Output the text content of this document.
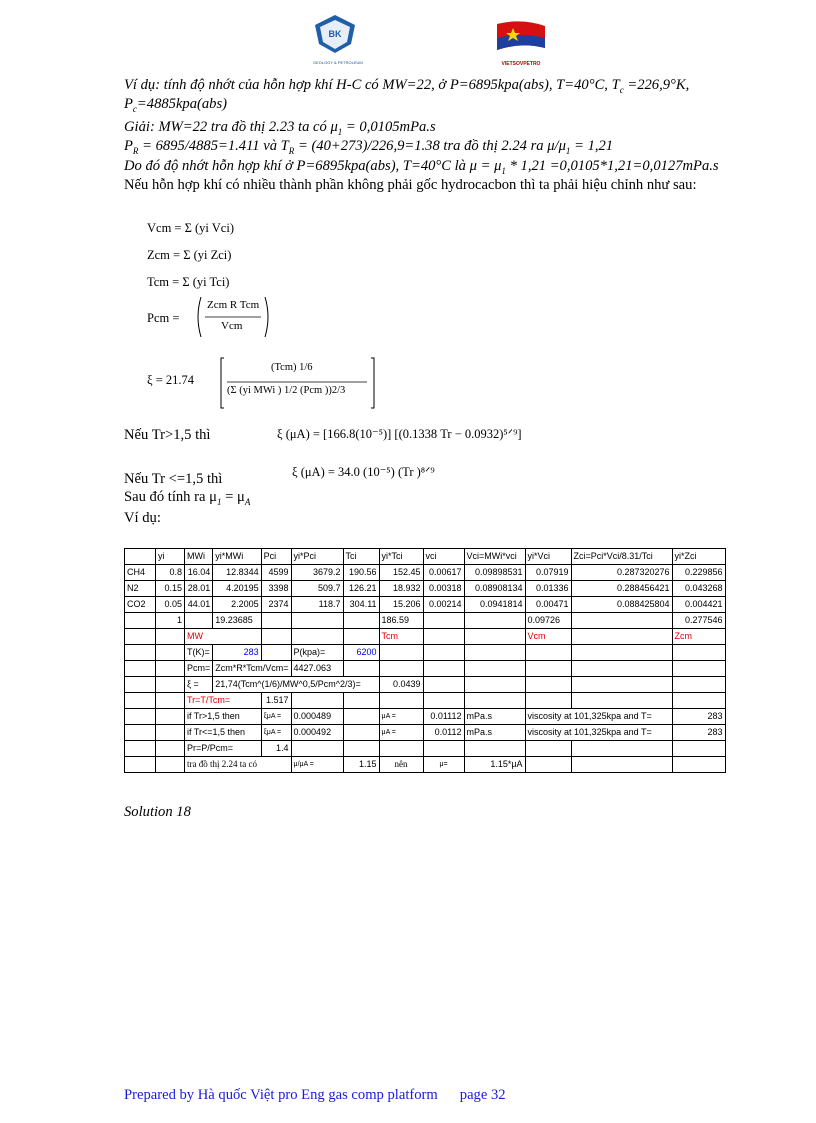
BK
GEOLOGY & PETROLEUM	VIETSOVPETRO
Ví dụ: tính độ nhớt của hỗn hợp khí H-C có MW=22, ở P=6895kpa(abs), T=40°C, $T_c =226,9^\circ K$,
$P_c=4885kpa(abs)$
Giải: MW=22 tra đồ thị 2.23 ta có $\mu_1 = 0,0105mPa.s$
$P_R = 6895/4885=1.411$ và $T_R = (40+273)/226,9=1.38$ tra đồ thị 2.24 ra $\mu/\mu_1 = 1,21$
Do đó độ nhớt hỗn hợp khí ở P=6895kpa(abs), T=40°C là $\mu = \mu_1 * 1,21 =0,0105*1,21=0,0127mPa.s$
Nếu hỗn hợp khí có nhiều thành phần không phải gốc hydrocacbon thì ta phải hiệu chỉnh như sau:
Vcm = Σ (yi Vci)
Zcm = Σ (yi Zci)
Tcm = Σ (yi Tci)
Pcm =
Zcm R Tcm
Vcm
ξ = 21.74
(Tcm) 1/6
(Σ (yi MWi ) 1/2 (Pcm ))2/3
Nếu Tr>1,5 thì	ξ (μA) = [166.8(10⁻⁵)] [(0.1338 Tr − 0.0932)⁵ᐟ⁹]
Nếu Tr <=1,5 thì	ξ (μA) = 34.0 (10⁻⁵) (Tr )⁸ᐟ⁹
Sau đó tính ra $\mu_1 = \mu_A$
Ví dụ:
	yi	MWi	yi*MWi	Pci	yi*Pci	Tci	yi*Tci	vci	Vci=MWi*vci	yi*Vci	Zci=Pci*Vci/8.31/Tci	yi*Zci
CH4	0.8	16.04	12.8344	4599	3679.2	190.56	152.45	0.00617	0.09898531	0.07919	0.287320276	0.229856
N2	0.15	28.01	4.20195	3398	509.7	126.21	18.932	0.00318	0.08908134	0.01336	0.288456421	0.043268
CO2	0.05	44.01	2.2005	2374	118.7	304.11	15.206	0.00214	0.0941814	0.00471	0.088425804	0.004421
	1		19.23685				186.59			0.09726		0.277546
		MW					Tcm			Vcm		Zcm
		T(K)=	283		P(kpa)=	6200						
		Pcm=	Zcm*R*Tcm/Vcm=		4427.063							
		ξ =	21,74(Tcm^(1/6)/MW^0,5/Pcm^2/3)=				0.0439					
		Tr=T/Tcm=		1.517								
		if Tr>1,5 then		ξμA =	0.000489		μA =	0.01112	mPa.s	viscosity at 101,325kpa and T=		283
		if Tr<=1,5 then		ξμA =	0.000492		μA =	0.0112	mPa.s	viscosity at 101,325kpa and T=		283
		Pr=P/Pcm=		1.4								
		tra đồ thị 2.24 ta có			μ/μA =	1.15	nên	μ=	1.15*μA			
Solution 18
Prepared by Hà quốc Việt pro Eng gas comp platform page 32
